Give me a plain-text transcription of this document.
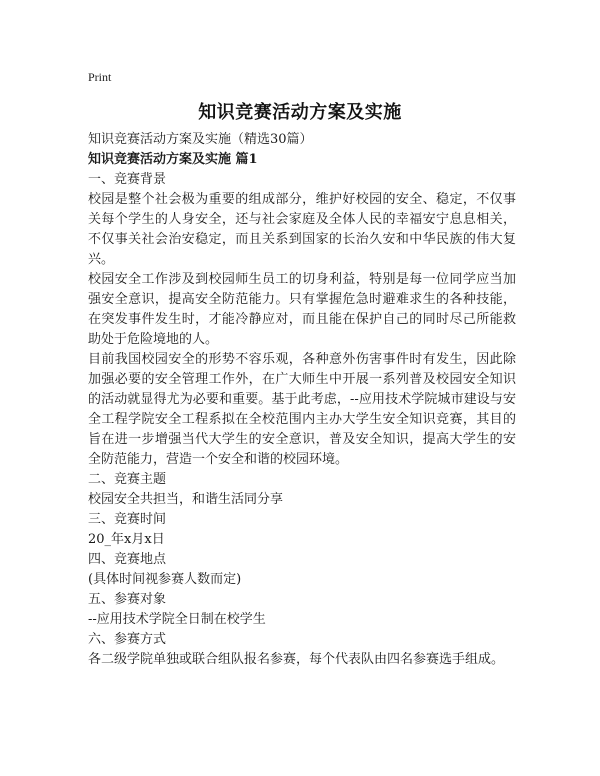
Print
知识竞赛活动方案及实施

知识竞赛活动方案及实施（精选30篇）

知识竞赛活动方案及实施 篇1

一、竞赛背景

校园是整个社会极为重要的组成部分，维护好校园的安全、稳定，不仅事关每个学生的人身安全，还与社会家庭及全体人民的幸福安宁息息相关，不仅事关社会治安稳定，而且关系到国家的长治久安和中华民族的伟大复兴。

校园安全工作涉及到校园师生员工的切身利益，特别是每一位同学应当加强安全意识，提高安全防范能力。只有掌握危急时避难求生的各种技能，在突发事件发生时，才能冷静应对，而且能在保护自己的同时尽己所能救助处于危险境地的人。

目前我国校园安全的形势不容乐观，各种意外伤害事件时有发生，因此除加强必要的安全管理工作外，在广大师生中开展一系列普及校园安全知识的活动就显得尤为必要和重要。基于此考虑，--应用技术学院城市建设与安全工程学院安全工程系拟在全校范围内主办大学生安全知识竞赛，其目的旨在进一步增强当代大学生的安全意识，普及安全知识，提高大学生的安全防范能力，营造一个安全和谐的校园环境。

二、竞赛主题

校园安全共担当，和谐生活同分享

三、竞赛时间

20_年x月x日

四、竞赛地点

(具体时间视参赛人数而定)

五、参赛对象

--应用技术学院全日制在校学生

六、参赛方式

各二级学院单独或联合组队报名参赛，每个代表队由四名参赛选手组成。
